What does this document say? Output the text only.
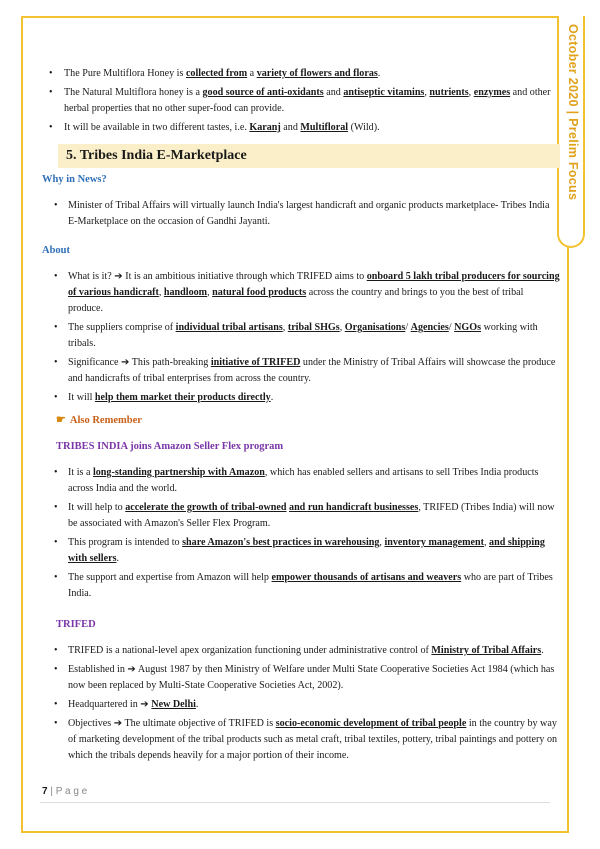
October 2020 | Prelim Focus
• The Pure Multiflora Honey is collected from a variety of flowers and floras.
• The Natural Multiflora honey is a good source of anti-oxidants and antiseptic vitamins, nutrients, enzymes and other herbal properties that no other super-food can provide.
• It will be available in two different tastes, i.e. Karanj and Multifloral (Wild).
5. Tribes India E-Marketplace
Why in News?
• Minister of Tribal Affairs will virtually launch India's largest handicraft and organic products marketplace- Tribes India E-Marketplace on the occasion of Gandhi Jayanti.
About
• What is it? ➔ It is an ambitious initiative through which TRIFED aims to onboard 5 lakh tribal producers for sourcing of various handicraft, handloom, natural food products across the country and brings to you the best of tribal produce.
• The suppliers comprise of individual tribal artisans, tribal SHGs, Organisations/ Agencies/ NGOs working with tribals.
• Significance ➔ This path-breaking initiative of TRIFED under the Ministry of Tribal Affairs will showcase the produce and handicrafts of tribal enterprises from across the country.
• It will help them market their products directly.
☛ Also Remember
TRIBES INDIA joins Amazon Seller Flex program
• It is a long-standing partnership with Amazon, which has enabled sellers and artisans to sell Tribes India products across India and the world.
• It will help to accelerate the growth of tribal-owned and run handicraft businesses, TRIFED (Tribes India) will now be associated with Amazon's Seller Flex Program.
• This program is intended to share Amazon's best practices in warehousing, inventory management, and shipping with sellers.
• The support and expertise from Amazon will help empower thousands of artisans and weavers who are part of Tribes India.
TRIFED
• TRIFED is a national-level apex organization functioning under administrative control of Ministry of Tribal Affairs.
• Established in ➔ August 1987 by then Ministry of Welfare under Multi State Cooperative Societies Act 1984 (which has now been replaced by Multi-State Cooperative Societies Act, 2002).
• Headquartered in ➔ New Delhi.
• Objectives ➔ The ultimate objective of TRIFED is socio-economic development of tribal people in the country by way of marketing development of the tribal products such as metal craft, tribal textiles, pottery, tribal paintings and pottery on which the tribals depends heavily for a major portion of their income.
7 | P a g e
